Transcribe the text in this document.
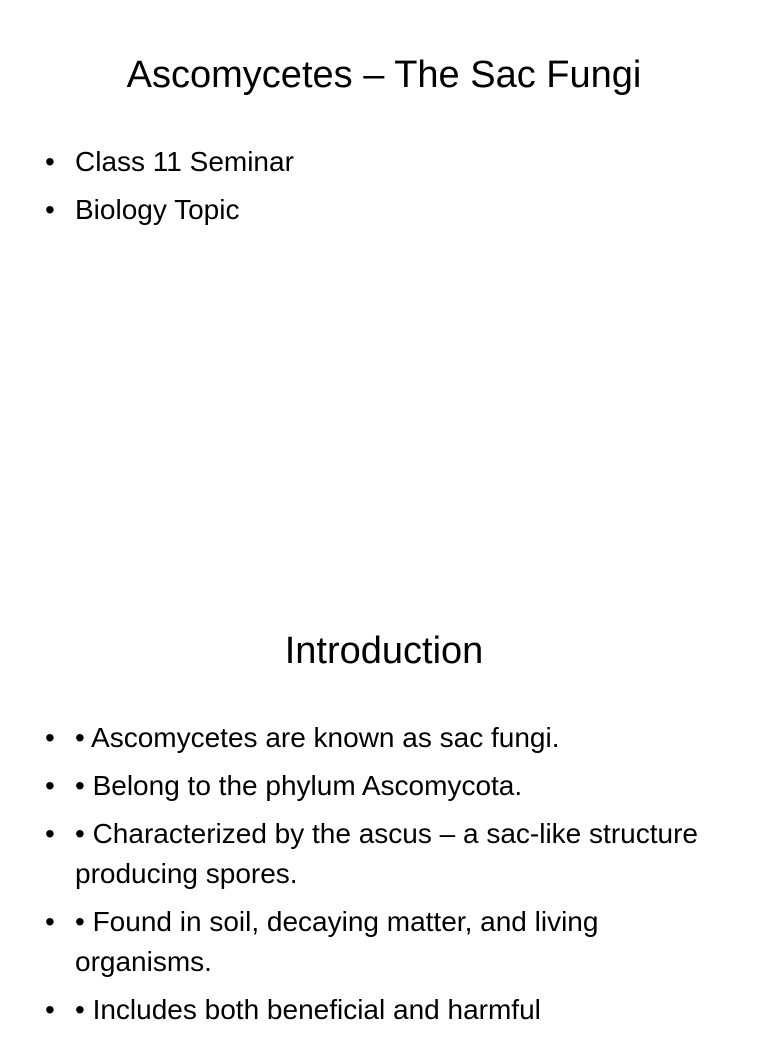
Ascomycetes – The Sac Fungi
• Class 11 Seminar
• Biology Topic
Introduction
• • Ascomycetes are known as sac fungi.
• • Belong to the phylum Ascomycota.
• • Characterized by the ascus – a sac-like structure producing spores.
• • Found in soil, decaying matter, and living organisms.
• • Includes both beneficial and harmful
